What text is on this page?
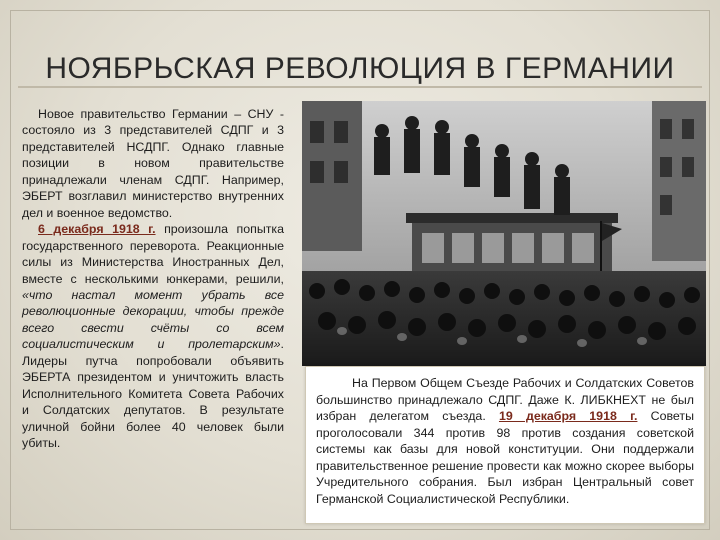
НОЯБРЬСКАЯ РЕВОЛЮЦИЯ В ГЕРМАНИИ

Новое правительство Германии – СНУ - состояло из 3 представителей СДПГ и 3 представителей НСДПГ. Однако главные позиции в новом правительстве принадлежали членам СДПГ. Например, ЭБЕРТ возглавил министерство внутренних дел и военное ведомство.

6 декабря 1918 г. произошла попытка государственного переворота. Реакционные силы из Министерства Иностранных Дел, вместе с несколькими юнкерами, решили, «что настал момент убрать все революционные декорации, чтобы прежде всего свести счёты со всем социалистическим и пролетарским». Лидеры путча попробовали объявить ЭБЕРТА президентом и уничтожить власть Исполнительного Комитета Совета Рабочих и Солдатских депутатов. В результате уличной бойни более 40 человек были убиты.

На Первом Общем Съезде Рабочих и Солдатских Советов большинство принадлежало СДПГ. Даже К. ЛИБКНЕХТ не был избран делегатом съезда. 19 декабря 1918 г. Советы проголосовали 344 против 98 против создания советской системы как базы для новой конституции. Они поддержали правительственное решение провести как можно скорее выборы Учредительного собрания. Был избран Центральный совет Германской Социалистической Республики.
